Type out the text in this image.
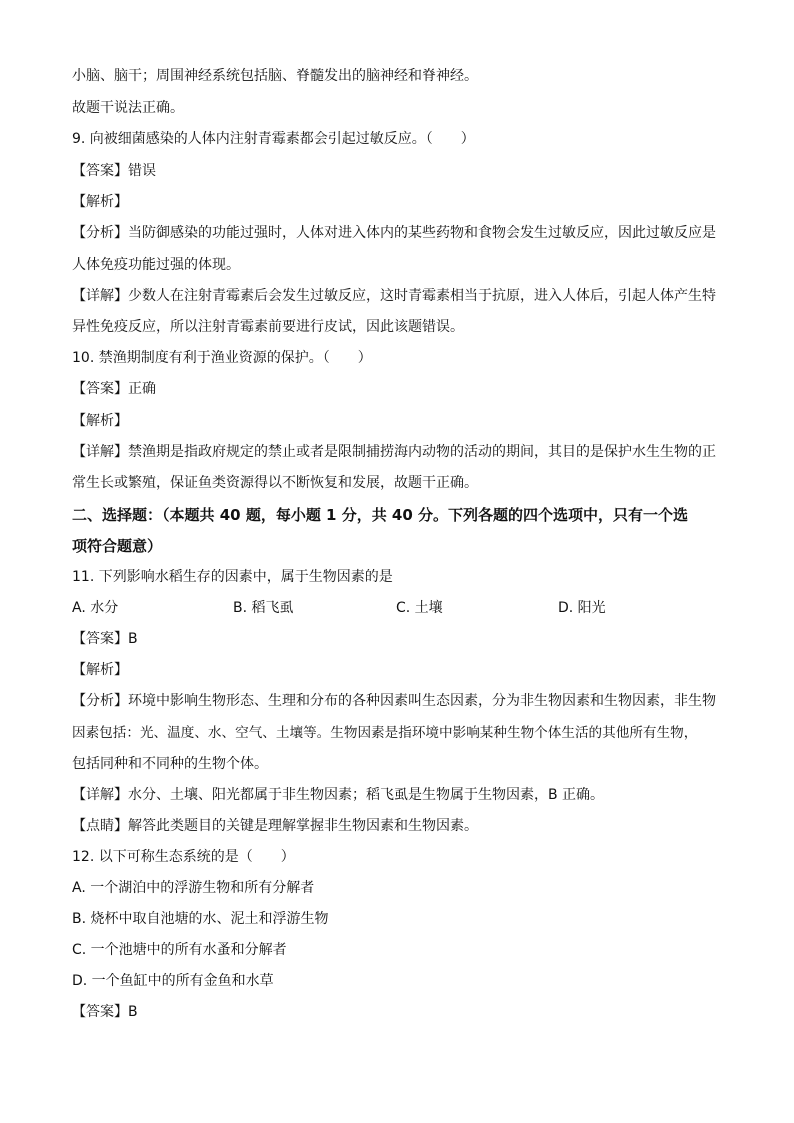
小脑、脑干；周围神经系统包括脑、脊髓发出的脑神经和脊神经。
故题干说法正确。
9. 向被细菌感染的人体内注射青霉素都会引起过敏反应。（　　）
【答案】错误
【解析】
【分析】当防御感染的功能过强时，人体对进入体内的某些药物和食物会发生过敏反应，因此过敏反应是
人体免疫功能过强的体现。
【详解】少数人在注射青霉素后会发生过敏反应，这时青霉素相当于抗原，进入人体后，引起人体产生特
异性免疫反应，所以注射青霉素前要进行皮试，因此该题错误。
10. 禁渔期制度有利于渔业资源的保护。（　　）
【答案】正确
【解析】
【详解】禁渔期是指政府规定的禁止或者是限制捕捞海内动物的活动的期间，其目的是保护水生生物的正
常生长或繁殖，保证鱼类资源得以不断恢复和发展，故题干正确。
二、选择题：（本题共 40 题，每小题 1 分，共 40 分。下列各题的四个选项中，只有一个选
项符合题意）
11. 下列影响水稻生存的因素中，属于生物因素的是
A. 水分	B. 稻飞虱	C. 土壤	D. 阳光
【答案】B
【解析】
【分析】环境中影响生物形态、生理和分布的各种因素叫生态因素，分为非生物因素和生物因素，非生物
因素包括：光、温度、水、空气、土壤等。生物因素是指环境中影响某种生物个体生活的其他所有生物，
包括同种和不同种的生物个体。
【详解】水分、土壤、阳光都属于非生物因素；稻飞虱是生物属于生物因素，B 正确。
【点睛】解答此类题目的关键是理解掌握非生物因素和生物因素。
12. 以下可称生态系统的是（　　）
A. 一个湖泊中的浮游生物和所有分解者
B. 烧杯中取自池塘的水、泥土和浮游生物
C. 一个池塘中的所有水蚤和分解者
D. 一个鱼缸中的所有金鱼和水草
【答案】B
